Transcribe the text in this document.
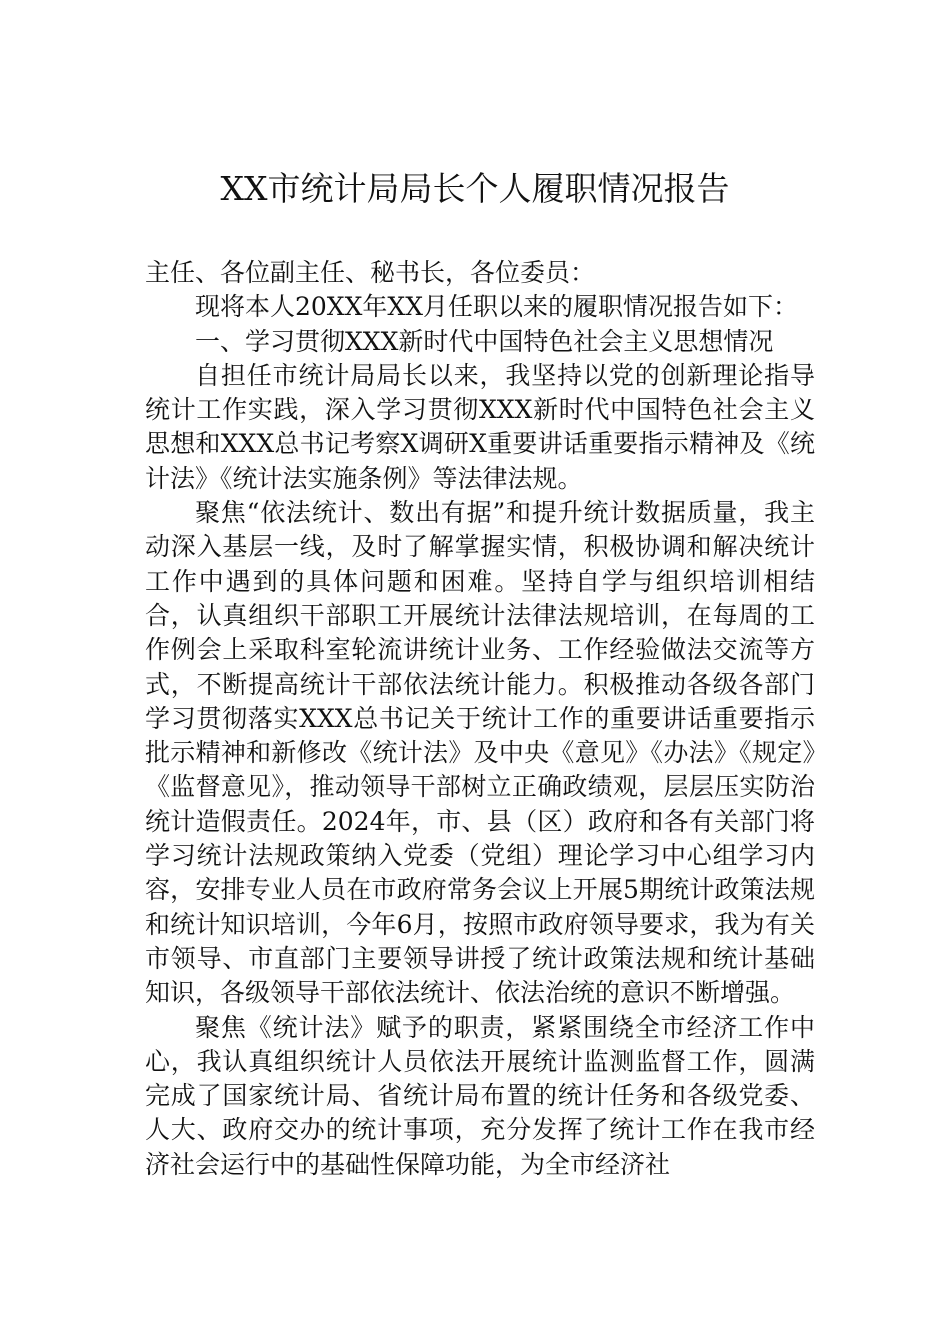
XX市统计局局长个人履职情况报告

主任、各位副主任、秘书长，各位委员：

现将本人20XX年XX月任职以来的履职情况报告如下：

一、学习贯彻XXX新时代中国特色社会主义思想情况

自担任市统计局局长以来，我坚持以党的创新理论指导统计工作实践，深入学习贯彻XXX新时代中国特色社会主义思想和XXX总书记考察X调研X重要讲话重要指示精神及《统计法》《统计法实施条例》等法律法规。

聚焦“依法统计、数出有据”和提升统计数据质量，我主动深入基层一线，及时了解掌握实情，积极协调和解决统计工作中遇到的具体问题和困难。坚持自学与组织培训相结合，认真组织干部职工开展统计法律法规培训，在每周的工作例会上采取科室轮流讲统计业务、工作经验做法交流等方式，不断提高统计干部依法统计能力。积极推动各级各部门学习贯彻落实XXX总书记关于统计工作的重要讲话重要指示批示精神和新修改《统计法》及中央《意见》《办法》《规定》《监督意见》，推动领导干部树立正确政绩观，层层压实防治统计造假责任。2024年，市、县（区）政府和各有关部门将学习统计法规政策纳入党委（党组）理论学习中心组学习内容，安排专业人员在市政府常务会议上开展5期统计政策法规和统计知识培训，今年6月，按照市政府领导要求，我为有关市领导、市直部门主要领导讲授了统计政策法规和统计基础知识，各级领导干部依法统计、依法治统的意识不断增强。

聚焦《统计法》赋予的职责，紧紧围绕全市经济工作中心，我认真组织统计人员依法开展统计监测监督工作，圆满完成了国家统计局、省统计局布置的统计任务和各级党委、人大、政府交办的统计事项，充分发挥了统计工作在我市经济社会运行中的基础性保障功能，为全市经济社
